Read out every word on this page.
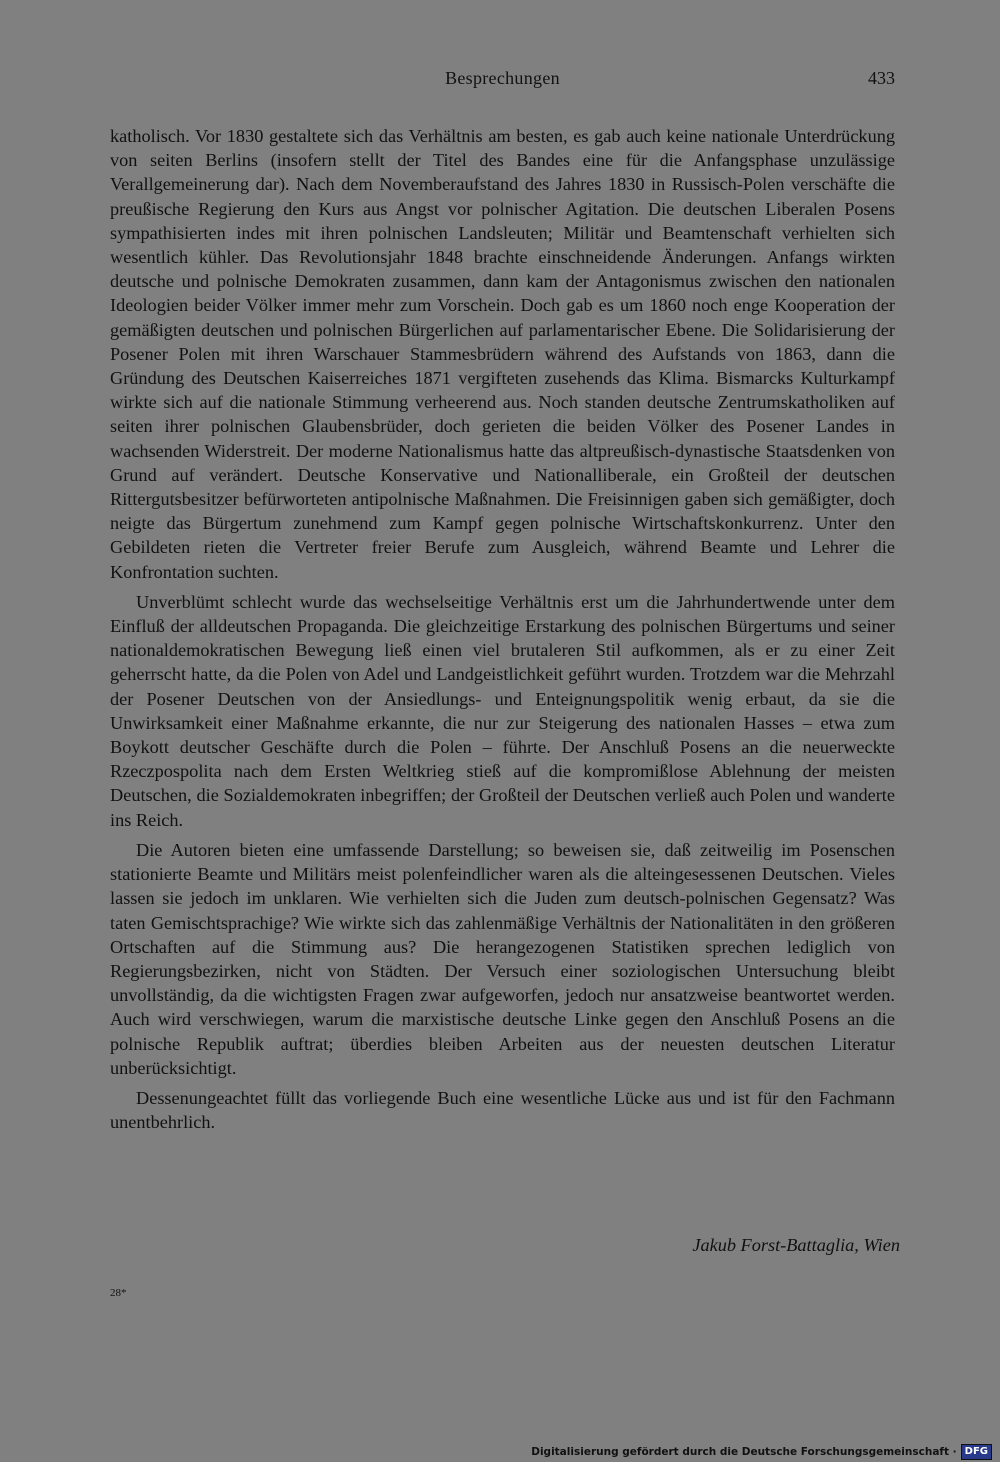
Besprechungen	433

katholisch. Vor 1830 gestaltete sich das Verhältnis am besten, es gab auch keine nationale Unterdrückung von seiten Berlins (insofern stellt der Titel des Bandes eine für die Anfangsphase unzulässige Verallgemeinerung dar). Nach dem Novemberaufstand des Jahres 1830 in Russisch-Polen verschäfte die preußische Regierung den Kurs aus Angst vor polnischer Agitation. Die deutschen Liberalen Posens sympathisierten indes mit ihren polnischen Landsleuten; Militär und Beamtenschaft verhielten sich wesentlich kühler. Das Revolutionsjahr 1848 brachte einschneidende Änderungen. Anfangs wirkten deutsche und polnische Demokraten zusammen, dann kam der Antagonismus zwischen den nationalen Ideologien beider Völker immer mehr zum Vorschein. Doch gab es um 1860 noch enge Kooperation der gemäßigten deutschen und polnischen Bürgerlichen auf parlamentarischer Ebene. Die Solidarisierung der Posener Polen mit ihren Warschauer Stammesbrüdern während des Aufstands von 1863, dann die Gründung des Deutschen Kaiserreiches 1871 vergifteten zusehends das Klima. Bismarcks Kulturkampf wirkte sich auf die nationale Stimmung verheerend aus. Noch standen deutsche Zentrumskatholiken auf seiten ihrer polnischen Glaubensbrüder, doch gerieten die beiden Völker des Posener Landes in wachsenden Widerstreit. Der moderne Nationalismus hatte das altpreußisch-dynastische Staatsdenken von Grund auf verändert. Deutsche Konservative und Nationalliberale, ein Großteil der deutschen Rittergutsbesitzer befürworteten antipolnische Maßnahmen. Die Freisinnigen gaben sich gemäßigter, doch neigte das Bürgertum zunehmend zum Kampf gegen polnische Wirtschaftskonkurrenz. Unter den Gebildeten rieten die Vertreter freier Berufe zum Ausgleich, während Beamte und Lehrer die Konfrontation suchten.

Unverblümt schlecht wurde das wechselseitige Verhältnis erst um die Jahrhundertwende unter dem Einfluß der alldeutschen Propaganda. Die gleichzeitige Erstarkung des polnischen Bürgertums und seiner nationaldemokratischen Bewegung ließ einen viel brutaleren Stil aufkommen, als er zu einer Zeit geherrscht hatte, da die Polen von Adel und Landgeistlichkeit geführt wurden. Trotzdem war die Mehrzahl der Posener Deutschen von der Ansiedlungs- und Enteignungspolitik wenig erbaut, da sie die Unwirksamkeit einer Maßnahme erkannte, die nur zur Steigerung des nationalen Hasses – etwa zum Boykott deutscher Geschäfte durch die Polen – führte. Der Anschluß Posens an die neuerweckte Rzeczpospolita nach dem Ersten Weltkrieg stieß auf die kompromißlose Ablehnung der meisten Deutschen, die Sozialdemokraten inbegriffen; der Großteil der Deutschen verließ auch Polen und wanderte ins Reich.

Die Autoren bieten eine umfassende Darstellung; so beweisen sie, daß zeitweilig im Posenschen stationierte Beamte und Militärs meist polenfeindlicher waren als die alteingesessenen Deutschen. Vieles lassen sie jedoch im unklaren. Wie verhielten sich die Juden zum deutsch-polnischen Gegensatz? Was taten Gemischtsprachige? Wie wirkte sich das zahlenmäßige Verhältnis der Nationalitäten in den größeren Ortschaften auf die Stimmung aus? Die herangezogenen Statistiken sprechen lediglich von Regierungsbezirken, nicht von Städten. Der Versuch einer soziologischen Untersuchung bleibt unvollständig, da die wichtigsten Fragen zwar aufgeworfen, jedoch nur ansatzweise beantwortet werden. Auch wird verschwiegen, warum die marxistische deutsche Linke gegen den Anschluß Posens an die polnische Republik auftrat; überdies bleiben Arbeiten aus der neuesten deutschen Literatur unberücksichtigt.

Dessenungeachtet füllt das vorliegende Buch eine wesentliche Lücke aus und ist für den Fachmann unentbehrlich.

Jakub Forst-Battaglia, Wien
28*
Digitalisierung gefördert durch die Deutsche Forschungsgemeinschaft · DFG
